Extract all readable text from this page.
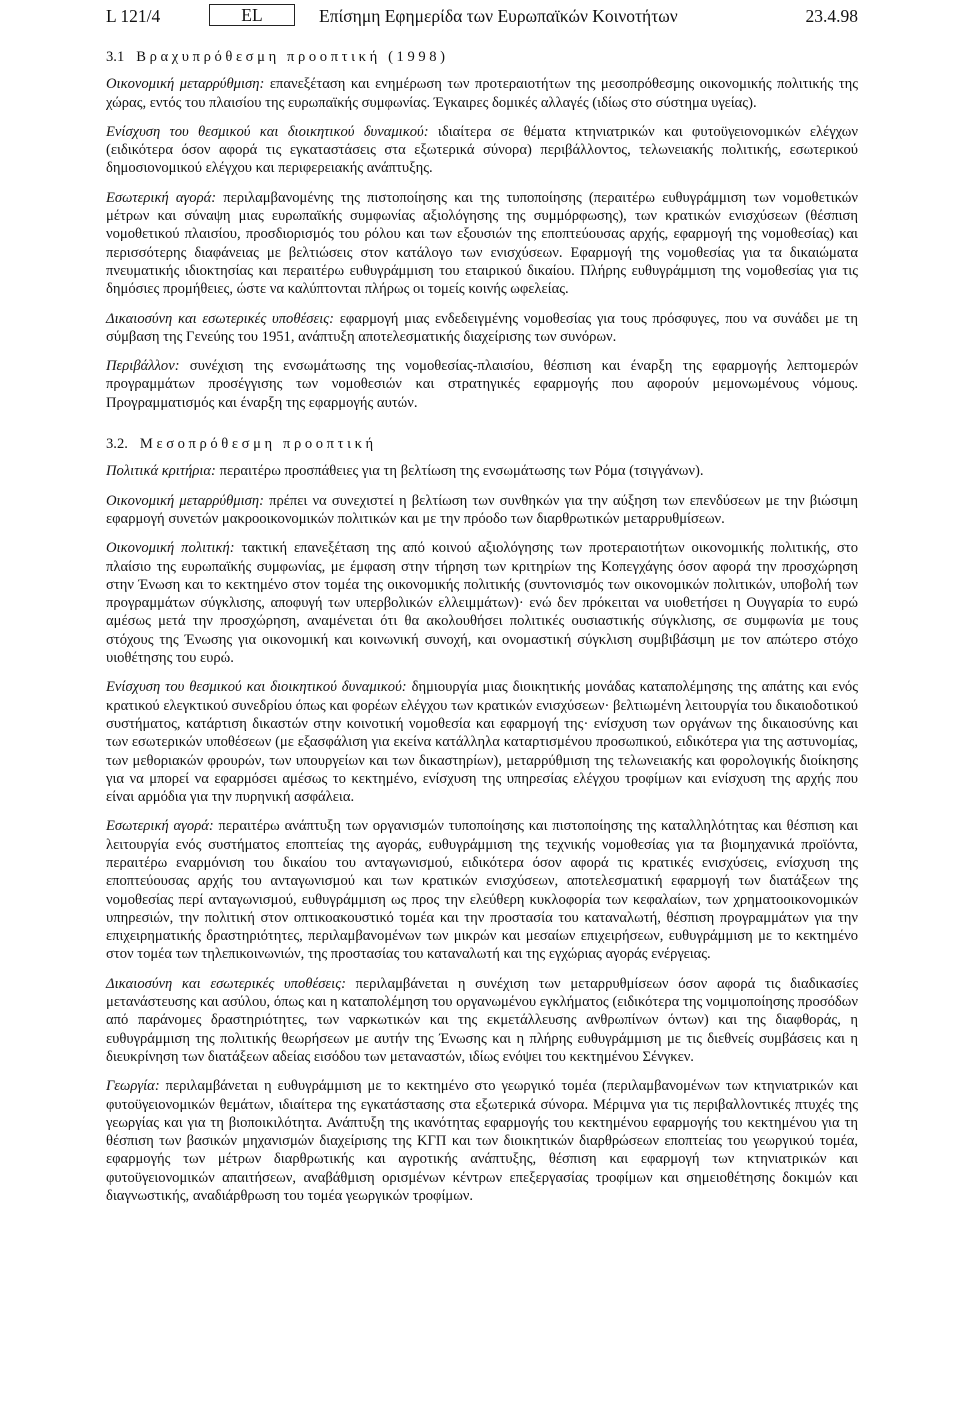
L 121/4	EL	Επίσημη Εφημερίδα των Ευρωπαϊκών Κοινοτήτων	23.4.98
3.1 Βραχυπρόθεσμη προοπτική (1998)

Οικονομική μεταρρύθμιση: επανεξέταση και ενημέρωση των προτεραιοτήτων της μεσοπρόθεσμης οικονομικής πολιτικής της χώρας, εντός του πλαισίου της ευρωπαϊκής συμφωνίας. Έγκαιρες δομικές αλλαγές (ιδίως στο σύστημα υγείας).

Ενίσχυση του θεσμικού και διοικητικού δυναμικού: ιδιαίτερα σε θέματα κτηνιατρικών και φυτοϋγειονομικών ελέγχων (ειδικότερα όσον αφορά τις εγκαταστάσεις στα εξωτερικά σύνορα) περιβάλλοντος, τελωνειακής πολιτικής, εσωτερικού δημοσιονομικού ελέγχου και περιφερειακής ανάπτυξης.

Εσωτερική αγορά: περιλαμβανομένης της πιστοποίησης και της τυποποίησης (περαιτέρω ευθυγράμμιση των νομοθετικών μέτρων και σύναψη μιας ευρωπαϊκής συμφωνίας αξιολόγησης της συμμόρφωσης), των κρατικών ενισχύσεων (θέσπιση νομοθετικού πλαισίου, προσδιορισμός του ρόλου και των εξουσιών της εποπτεύουσας αρχής, εφαρμογή της νομοθεσίας) και περισσότερης διαφάνειας με βελτιώσεις στον κατάλογο των ενισχύσεων. Εφαρμογή της νομοθεσίας για τα δικαιώματα πνευματικής ιδιοκτησίας και περαιτέρω ευθυγράμμιση του εταιρικού δικαίου. Πλήρης ευθυγράμμιση της νομοθεσίας για τις δημόσιες προμήθειες, ώστε να καλύπτονται πλήρως οι τομείς κοινής ωφελείας.

Δικαιοσύνη και εσωτερικές υποθέσεις: εφαρμογή μιας ενδεδειγμένης νομοθεσίας για τους πρόσφυγες, που να συνάδει με τη σύμβαση της Γενεύης του 1951, ανάπτυξη αποτελεσματικής διαχείρισης των συνόρων.

Περιβάλλον: συνέχιση της ενσωμάτωσης της νομοθεσίας-πλαισίου, θέσπιση και έναρξη της εφαρμογής λεπτομερών προγραμμάτων προσέγγισης των νομοθεσιών και στρατηγικές εφαρμογής που αφορούν μεμονωμένους νόμους. Προγραμματισμός και έναρξη της εφαρμογής αυτών.

3.2. Μεσοπρόθεσμη προοπτική

Πολιτικά κριτήρια: περαιτέρω προσπάθειες για τη βελτίωση της ενσωμάτωσης των Ρόμα (τσιγγάνων).

Οικονομική μεταρρύθμιση: πρέπει να συνεχιστεί η βελτίωση των συνθηκών για την αύξηση των επενδύσεων με την βιώσιμη εφαρμογή συνετών μακροοικονομικών πολιτικών και με την πρόοδο των διαρθρωτικών μεταρρυθμίσεων.

Οικονομική πολιτική: τακτική επανεξέταση της από κοινού αξιολόγησης των προτεραιοτήτων οικονομικής πολιτικής, στο πλαίσιο της ευρωπαϊκής συμφωνίας, με έμφαση στην τήρηση των κριτηρίων της Κοπεγχάγης όσον αφορά την προσχώρηση στην Ένωση και το κεκτημένο στον τομέα της οικονομικής πολιτικής (συντονισμός των οικονομικών πολιτικών, υποβολή των προγραμμάτων σύγκλισης, αποφυγή των υπερβολικών ελλειμμάτων)· ενώ δεν πρόκειται να υιοθετήσει η Ουγγαρία το ευρώ αμέσως μετά την προσχώρηση, αναμένεται ότι θα ακολουθήσει πολιτικές ουσιαστικής σύγκλισης, σε συμφωνία με τους στόχους της Ένωσης για οικονομική και κοινωνική συνοχή, και ονομαστική σύγκλιση συμβιβάσιμη με τον απώτερο στόχο υιοθέτησης του ευρώ.

Ενίσχυση του θεσμικού και διοικητικού δυναμικού: δημιουργία μιας διοικητικής μονάδας καταπολέμησης της απάτης και ενός κρατικού ελεγκτικού συνεδρίου όπως και φορέων ελέγχου των κρατικών ενισχύσεων· βελτιωμένη λειτουργία του δικαιοδοτικού συστήματος, κατάρτιση δικαστών στην κοινοτική νομοθεσία και εφαρμογή της· ενίσχυση των οργάνων της δικαιοσύνης και των εσωτερικών υποθέσεων (με εξασφάλιση για εκείνα κατάλληλα καταρτισμένου προσωπικού, ειδικότερα για της αστυνομίας, των μεθοριακών φρουρών, των υπουργείων και των δικαστηρίων), μεταρρύθμιση της τελωνειακής και φορολογικής διοίκησης για να μπορεί να εφαρμόσει αμέσως το κεκτημένο, ενίσχυση της υπηρεσίας ελέγχου τροφίμων και ενίσχυση της αρχής που είναι αρμόδια για την πυρηνική ασφάλεια.

Εσωτερική αγορά: περαιτέρω ανάπτυξη των οργανισμών τυποποίησης και πιστοποίησης της καταλληλότητας και θέσπιση και λειτουργία ενός συστήματος εποπτείας της αγοράς, ευθυγράμμιση της τεχνικής νομοθεσίας για τα βιομηχανικά προϊόντα, περαιτέρω εναρμόνιση του δικαίου του ανταγωνισμού, ειδικότερα όσον αφορά τις κρατικές ενισχύσεις, ενίσχυση της εποπτεύουσας αρχής του ανταγωνισμού και των κρατικών ενισχύσεων, αποτελεσματική εφαρμογή των διατάξεων της νομοθεσίας περί ανταγωνισμού, ευθυγράμμιση ως προς την ελεύθερη κυκλοφορία των κεφαλαίων, των χρηματοοικονομικών υπηρεσιών, την πολιτική στον οπτικοακουστικό τομέα και την προστασία του καταναλωτή, θέσπιση προγραμμάτων για την επιχειρηματικής δραστηριότητες, περιλαμβανομένων των μικρών και μεσαίων επιχειρήσεων, ευθυγράμμιση με το κεκτημένο στον τομέα των τηλεπικοινωνιών, της προστασίας του καταναλωτή και της εγχώριας αγοράς ενέργειας.

Δικαιοσύνη και εσωτερικές υποθέσεις: περιλαμβάνεται η συνέχιση των μεταρρυθμίσεων όσον αφορά τις διαδικασίες μετανάστευσης και ασύλου, όπως και η καταπολέμηση του οργανωμένου εγκλήματος (ειδικότερα της νομιμοποίησης προσόδων από παράνομες δραστηριότητες, των ναρκωτικών και της εκμετάλλευσης ανθρωπίνων όντων) και της διαφθοράς, η ευθυγράμμιση της πολιτικής θεωρήσεων με αυτήν της Ένωσης και η πλήρης ευθυγράμμιση με τις διεθνείς συμβάσεις και η διευκρίνηση των διατάξεων αδείας εισόδου των μεταναστών, ιδίως ενόψει του κεκτημένου Σένγκεν.

Γεωργία: περιλαμβάνεται η ευθυγράμμιση με το κεκτημένο στο γεωργικό τομέα (περιλαμβανομένων των κτηνιατρικών και φυτοϋγειονομικών θεμάτων, ιδιαίτερα της εγκατάστασης στα εξωτερικά σύνορα. Μέριμνα για τις περιβαλλοντικές πτυχές της γεωργίας και για τη βιοποικιλότητα. Ανάπτυξη της ικανότητας εφαρμογής του κεκτημένου εφαρμογής του κεκτημένου για τη θέσπιση των βασικών μηχανισμών διαχείρισης της ΚΓΠ και των διοικητικών διαρθρώσεων εποπτείας του γεωργικού τομέα, εφαρμογής των μέτρων διαρθρωτικής και αγροτικής ανάπτυξης, θέσπιση και εφαρμογή των κτηνιατρικών και φυτοϋγειονομικών απαιτήσεων, αναβάθμιση ορισμένων κέντρων επεξεργασίας τροφίμων και σημειοθέτησης δοκιμών και διαγνωστικής, αναδιάρθρωση του τομέα γεωργικών τροφίμων.
